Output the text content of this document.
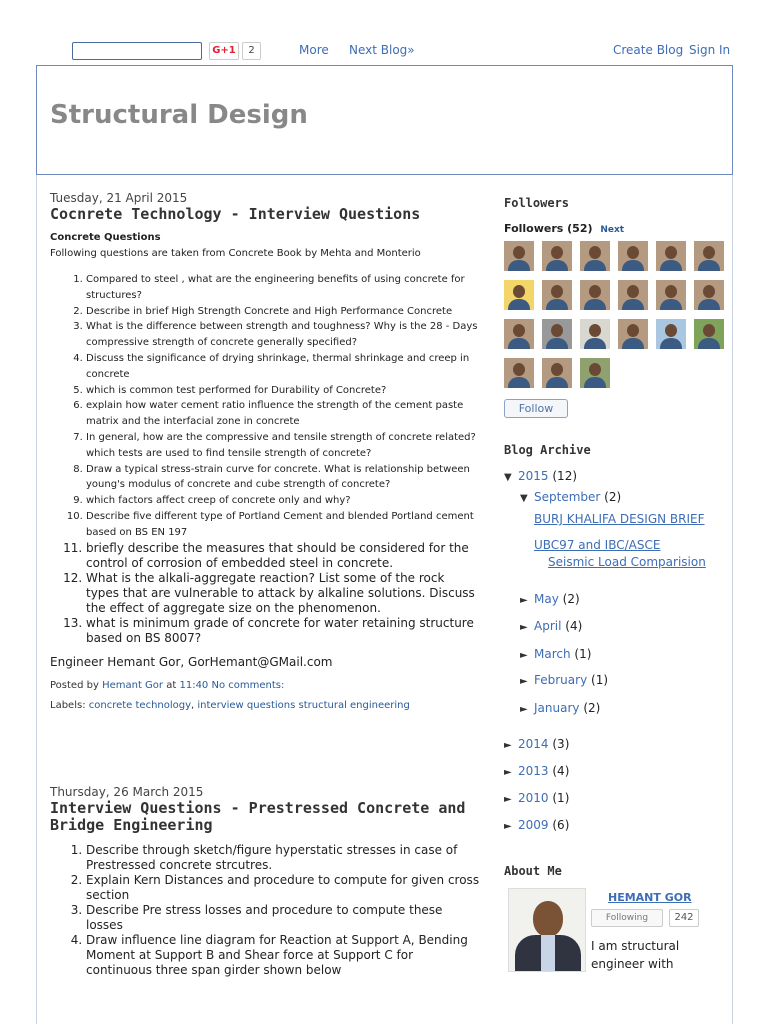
G+1	2	More Next Blog»	Create Blog Sign In
Structural Design
Tuesday, 21 April 2015
Cocnrete Technology - Interview Questions
Concrete Questions
Following questions are taken from Concrete Book by Mehta and Monterio
1. Compared to steel , what are the engineering benefits of using concrete for structures?
2. Describe in brief High Strength Concrete and High Performance Concrete
3. What is the difference between strength and toughness? Why is the 28 - Days compressive strength of concrete generally specified?
4. Discuss the significance of drying shrinkage, thermal shrinkage and creep in concrete
5. which is common test performed for Durability of Concrete?
6. explain how water cement ratio influence the strength of the cement paste matrix and the interfacial zone in concrete
7. In general, how are the compressive and tensile strength of concrete related? which tests are used to find tensile strength of concrete?
8. Draw a typical stress-strain curve for concrete. What is relationship between young's modulus of concrete and cube strength of concrete?
9. which factors affect creep of concrete only and why?
10. Describe five different type of Portland Cement and blended Portland cement based on BS EN 197
11. briefly describe the measures that should be considered for the control of corrosion of embedded steel in concrete.
12. What is the alkali-aggregate reaction? List some of the rock types that are vulnerable to attack by alkaline solutions. Discuss the effect of aggregate size on the phenomenon.
13. what is minimum grade of concrete for water retaining structure based on BS 8007?
Engineer Hemant Gor, GorHemant@GMail.com
Posted by Hemant Gor at 11:40 No comments:
Labels: concrete technology, interview questions structural engineering
Thursday, 26 March 2015
Interview Questions - Prestressed Concrete and Bridge Engineering
1. Describe through sketch/figure hyperstatic stresses in case of Prestressed concrete strcutres.
2. Explain Kern Distances and procedure to compute for given cross section
3. Describe Pre stress losses and procedure to compute these losses
4. Draw influence line diagram for Reaction at Support A, Bending Moment at Support B and Shear force at Support C for continuous three span girder shown below
Followers
Followers (52) Next
Follow
Blog Archive
▼ 2015 (12)
▼ September (2)
BURJ KHALIFA DESIGN BRIEF
UBC97 and IBC/ASCE
Seismic Load Comparision
► May (2)
► April (4)
► March (1)
► February (1)
► January (2)
► 2014 (3)
► 2013 (4)
► 2010 (1)
► 2009 (6)
About Me
HEMANT GOR
Following	242
I am structural engineer with
